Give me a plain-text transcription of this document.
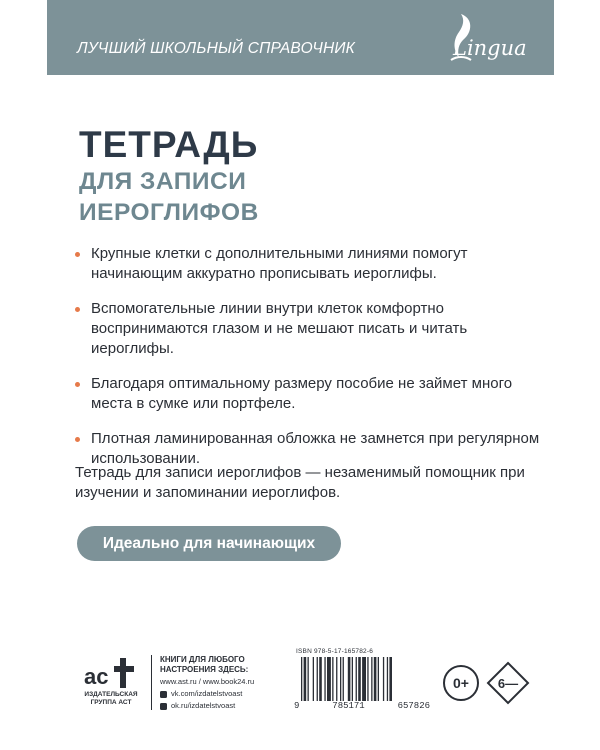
ЛУЧШИЙ ШКОЛЬНЫЙ СПРАВОЧНИК	Lingua
ТЕТРАДЬ
ДЛЯ ЗАПИСИ
ИЕРОГЛИФОВ
Крупные клетки с дополнительными линиями помогут начинающим аккуратно прописывать иероглифы.
Вспомогательные линии внутри клеток комфортно воспринимаются глазом и не мешают писать и читать иероглифы.
Благодаря оптимальному размеру пособие не займет много места в сумке или портфеле.
Плотная ламинированная обложка не замнется при регулярном использовании.
Тетрадь для записи иероглифов — незаменимый помощник при изучении и запоминании иероглифов.
Идеально для начинающих
ас
ИЗДАТЕЛЬСКАЯ
ГРУППА АСТ
КНИГИ ДЛЯ ЛЮБОГО
НАСТРОЕНИЯ ЗДЕСЬ:
www.ast.ru / www.book24.ru
vk.com/izdatelstvoast
ok.ru/izdatelstvoast
ISBN 978-5-17-165782-6
9	785171	657826
0+	6—
